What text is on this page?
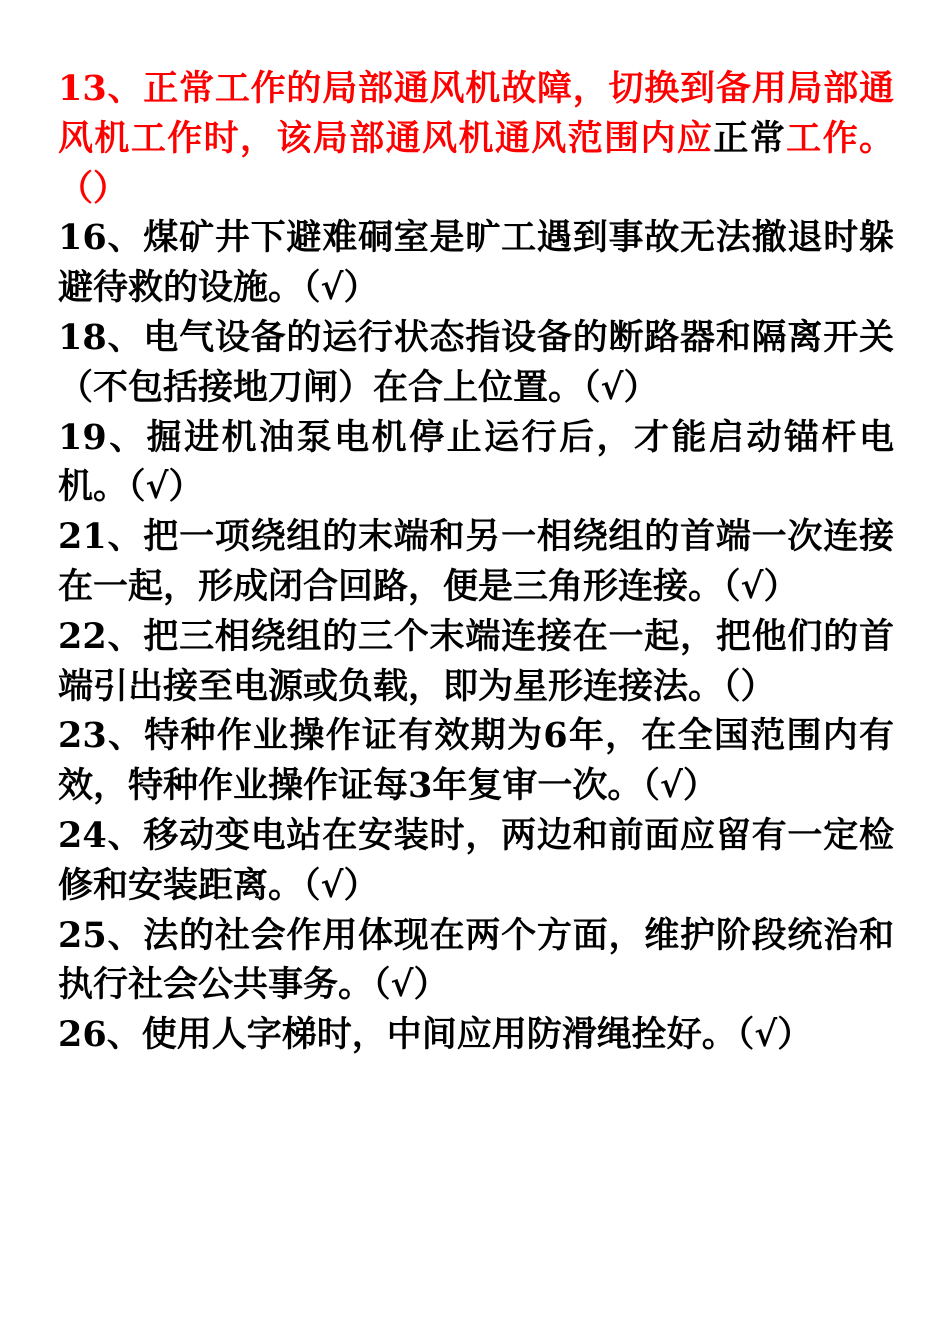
13、正常工作的局部通风机故障，切换到备用局部通风机工作时，该局部通风机通风范围内应正常工作。（）

16、煤矿井下避难硐室是旷工遇到事故无法撤退时躲避待救的设施。（√）

18、电气设备的运行状态指设备的断路器和隔离开关（不包括接地刀闸）在合上位置。（√）

19、掘进机油泵电机停止运行后，才能启动锚杆电机。（√）

21、把一项绕组的末端和另一相绕组的首端一次连接在一起，形成闭合回路，便是三角形连接。（√）

22、把三相绕组的三个末端连接在一起，把他们的首端引出接至电源或负载，即为星形连接法。（）

23、特种作业操作证有效期为6年，在全国范围内有效，特种作业操作证每3年复审一次。（√）

24、移动变电站在安装时，两边和前面应留有一定检修和安装距离。（√）

25、法的社会作用体现在两个方面，维护阶段统治和执行社会公共事务。（√）

26、使用人字梯时，中间应用防滑绳拴好。（√）
